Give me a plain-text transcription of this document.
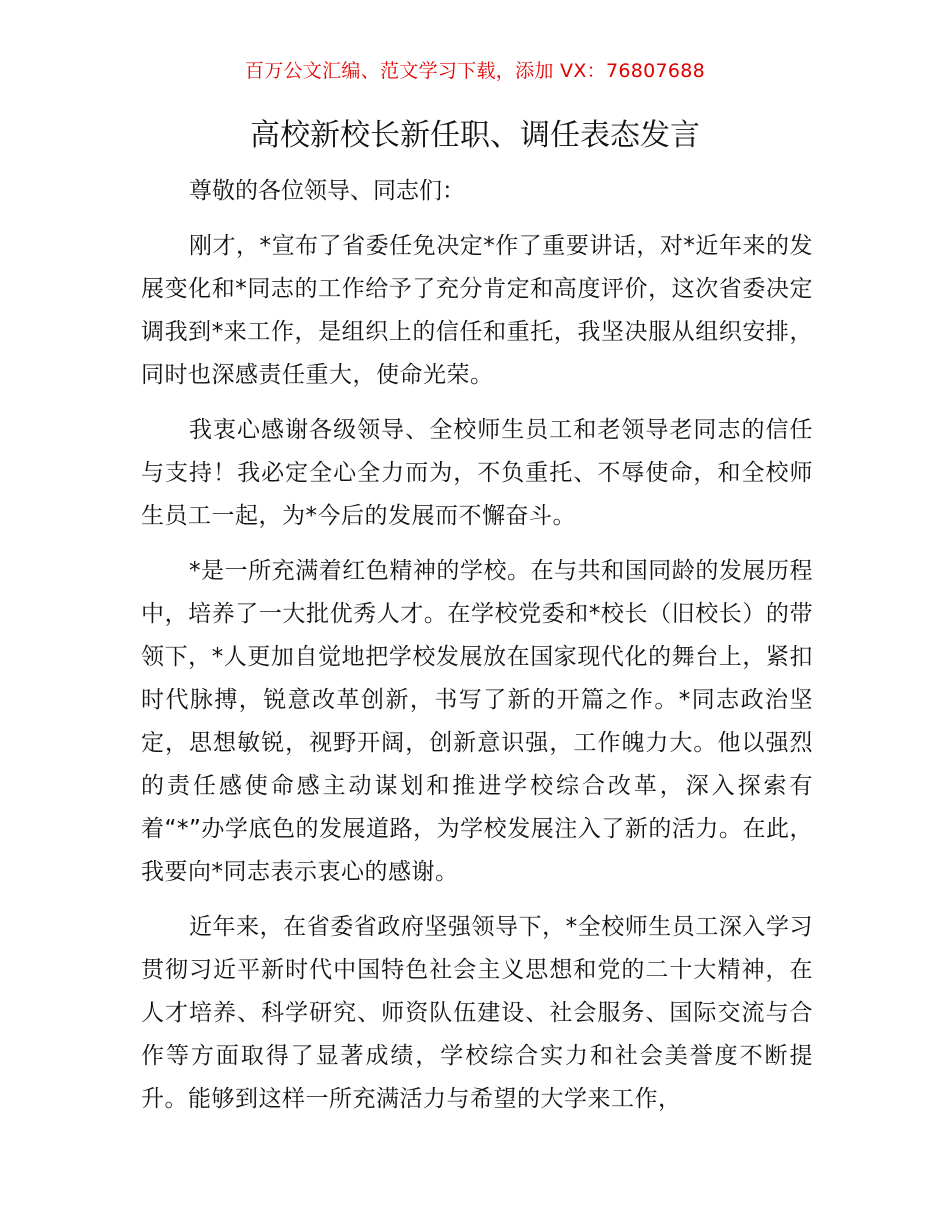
百万公文汇编、范文学习下载，添加 VX：76807688
高校新校长新任职、调任表态发言

尊敬的各位领导、同志们：

刚才，*宣布了省委任免决定*作了重要讲话，对*近年来的发展变化和*同志的工作给予了充分肯定和高度评价，这次省委决定调我到*来工作，是组织上的信任和重托，我坚决服从组织安排，同时也深感责任重大，使命光荣。

我衷心感谢各级领导、全校师生员工和老领导老同志的信任与支持！我必定全心全力而为，不负重托、不辱使命，和全校师生员工一起，为*今后的发展而不懈奋斗。

*是一所充满着红色精神的学校。在与共和国同龄的发展历程中，培养了一大批优秀人才。在学校党委和*校长（旧校长）的带领下，*人更加自觉地把学校发展放在国家现代化的舞台上，紧扣时代脉搏，锐意改革创新，书写了新的开篇之作。*同志政治坚定，思想敏锐，视野开阔，创新意识强，工作魄力大。他以强烈的责任感使命感主动谋划和推进学校综合改革，深入探索有着“*”办学底色的发展道路，为学校发展注入了新的活力。在此，我要向*同志表示衷心的感谢。

近年来，在省委省政府坚强领导下，*全校师生员工深入学习贯彻习近平新时代中国特色社会主义思想和党的二十大精神，在人才培养、科学研究、师资队伍建设、社会服务、国际交流与合作等方面取得了显著成绩，学校综合实力和社会美誉度不断提升。能够到这样一所充满活力与希望的大学来工作，
